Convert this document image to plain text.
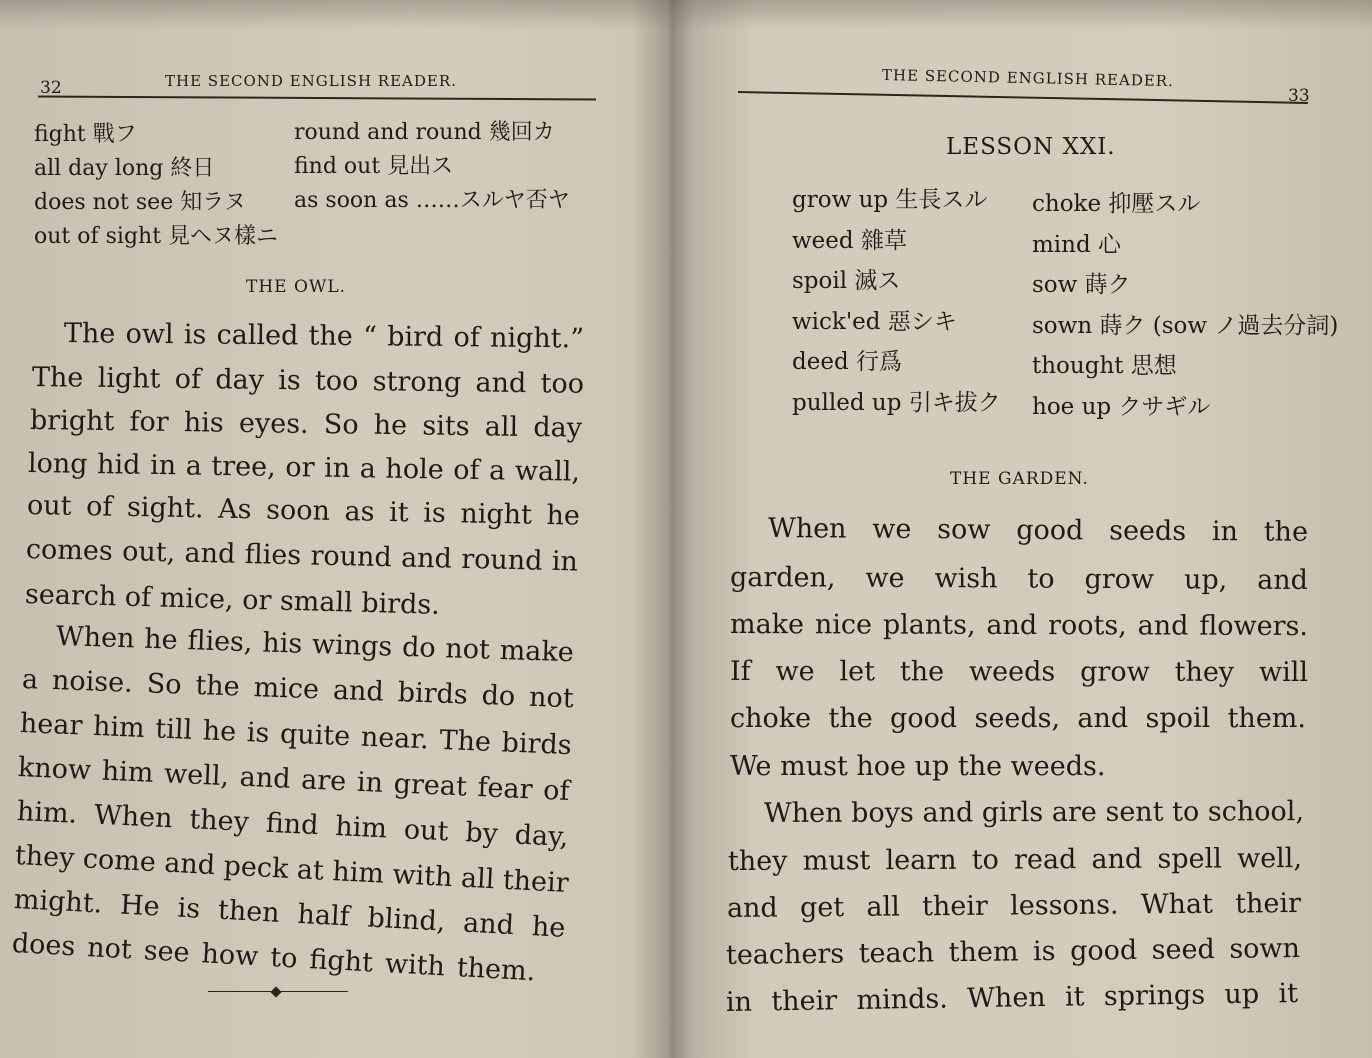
32	THE SECOND ENGLISH READER.
fight 戰フ
all day long 終日
does not see 知ラヌ
out of sight 見ヘヌ樣ニ
round and round 幾回カ
find out 見出ス
as soon as ……スルヤ否ヤ
THE OWL.
The owl is called the “ bird of night.”
The light of day is too strong and too
bright for his eyes. So he sits all day
long hid in a tree, or in a hole of a wall,
out of sight. As soon as it is night he
comes out, and flies round and round in
search of mice, or small birds.
When he flies, his wings do not make
a noise. So the mice and birds do not
hear him till he is quite near. The birds
know him well, and are in great fear of
him. When they find him out by day,
they come and peck at him with all their
might. He is then half blind, and he
does not see how to fight with them.
THE SECOND ENGLISH READER.
33
LESSON XXI.
grow up 生長スル
weed 雜草
spoil 滅ス
wick'ed 惡シキ
deed 行爲
pulled up 引キ拔ク
choke 抑壓スル
mind 心
sow 蒔ク
sown 蒔ク (sow ノ過去分詞)
thought 思想
hoe up クサギル
THE GARDEN.
When we sow good seeds in the
garden, we wish to grow up, and
make nice plants, and roots, and flowers.
If we let the weeds grow they will
choke the good seeds, and spoil them.
We must hoe up the weeds.
When boys and girls are sent to school,
they must learn to read and spell well,
and get all their lessons. What their
teachers teach them is good seed sown
in their minds. When it springs up it
